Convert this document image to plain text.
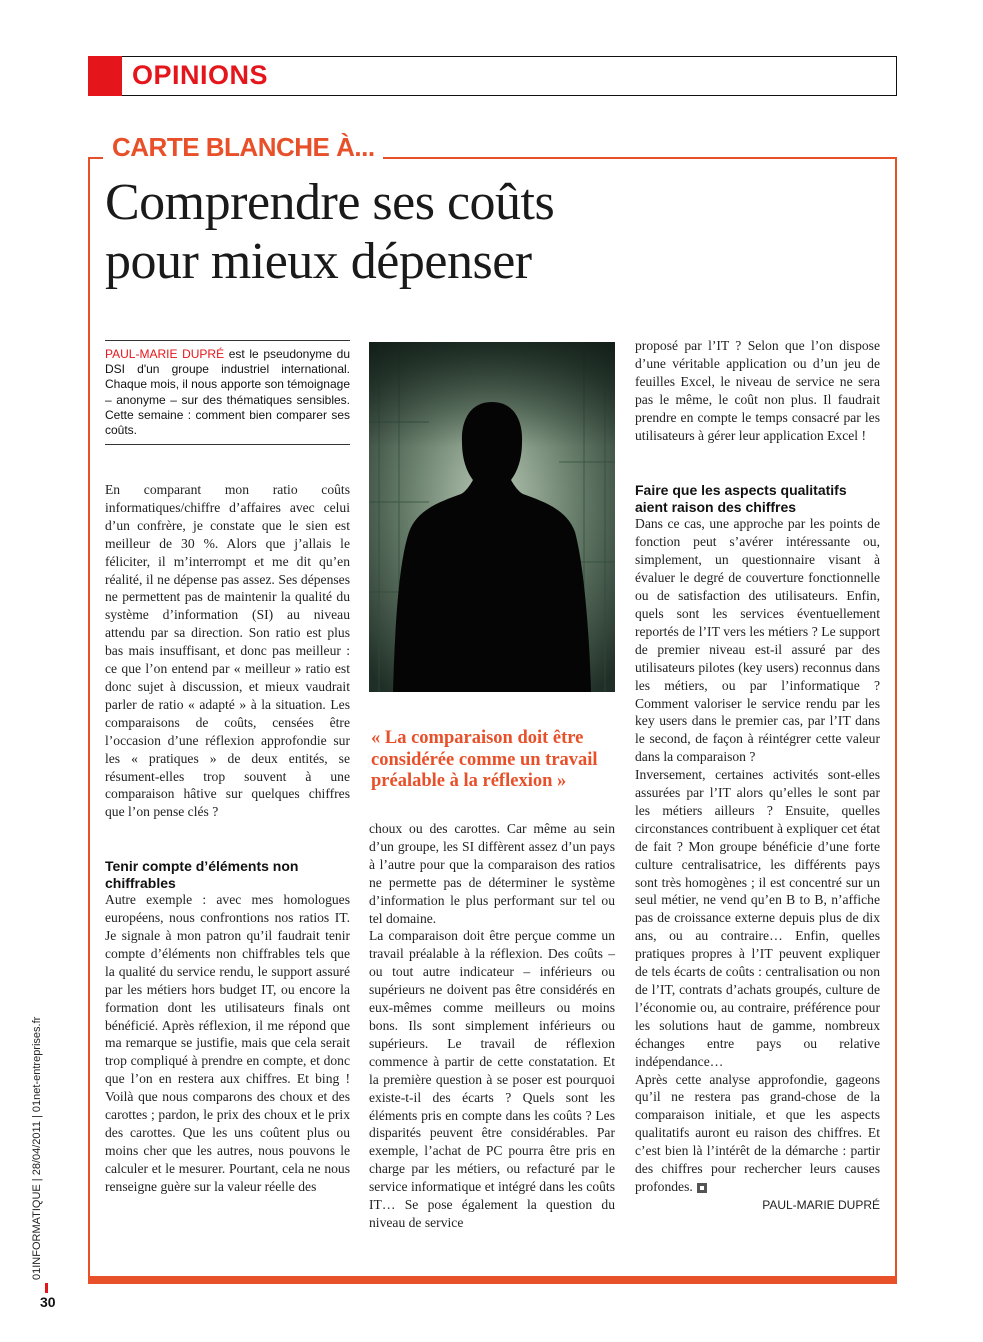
OPINIONS
CARTE BLANCHE À...
Comprendre ses coûts
pour mieux dépenser
PAUL-MARIE DUPRÉ est le pseudonyme du DSI d'un groupe industriel international. Chaque mois, il nous apporte son témoignage – anonyme – sur des thématiques sensibles. Cette semaine : comment bien comparer ses coûts.

En comparant mon ratio coûts informatiques/chiffre d’affaires avec celui d’un confrère, je constate que le sien est meilleur de 30 %. Alors que j’allais le féliciter, il m’interrompt et me dit qu’en réalité, il ne dépense pas assez. Ses dépenses ne permettent pas de maintenir la qualité du système d’information (SI) au niveau attendu par sa direction. Son ratio est plus bas mais insuffisant, et donc pas meilleur : ce que l’on entend par « meilleur » ratio est donc sujet à discussion, et mieux vaudrait parler de ratio « adapté » à la situation. Les comparaisons de coûts, censées être l’occasion d’une réflexion approfondie sur les « pratiques » de deux entités, se résument-elles trop souvent à une comparaison hâtive sur quelques chiffres que l’on pense clés ?

Tenir compte d’éléments non chiffrables

Autre exemple : avec mes homologues européens, nous confrontions nos ratios IT. Je signale à mon patron qu’il faudrait tenir compte d’éléments non chiffrables tels que la qualité du service rendu, le support assuré par les métiers hors budget IT, ou encore la formation dont les utilisateurs finals ont bénéficié. Après réflexion, il me répond que ma remarque se justifie, mais que cela serait trop compliqué à prendre en compte, et donc que l’on en restera aux chiffres. Et bing ! Voilà que nous comparons des choux et des carottes ; pardon, le prix des choux et le prix des carottes. Que les uns coûtent plus ou moins cher que les autres, nous pouvons le calculer et le mesurer. Pourtant, cela ne nous renseigne guère sur la valeur réelle des

« La comparaison doit être considérée comme un travail préalable à la réflexion »

choux ou des carottes. Car même au sein d’un groupe, les SI diffèrent assez d’un pays à l’autre pour que la comparaison des ratios ne permette pas de déterminer le système d’information le plus performant sur tel ou tel domaine.

La comparaison doit être perçue comme un travail préalable à la réflexion. Des coûts – ou tout autre indicateur – inférieurs ou supérieurs ne doivent pas être considérés en eux-mêmes comme meilleurs ou moins bons. Ils sont simplement inférieurs ou supérieurs. Le travail de réflexion commence à partir de cette constatation. Et la première question à se poser est pourquoi existe-t-il des écarts ? Quels sont les éléments pris en compte dans les coûts ? Les disparités peuvent être considérables. Par exemple, l’achat de PC pourra être pris en charge par les métiers, ou refacturé par le service informatique et intégré dans les coûts IT… Se pose également la question du niveau de service

proposé par l’IT ? Selon que l’on dispose d’une véritable application ou d’un jeu de feuilles Excel, le niveau de service ne sera pas le même, le coût non plus. Il faudrait prendre en compte le temps consacré par les utilisateurs à gérer leur application Excel !

Faire que les aspects qualitatifs aient raison des chiffres

Dans ce cas, une approche par les points de fonction peut s’avérer intéressante ou, simplement, un questionnaire visant à évaluer le degré de couverture fonctionnelle ou de satisfaction des utilisateurs. Enfin, quels sont les services éventuellement reportés de l’IT vers les métiers ? Le support de premier niveau est-il assuré par des utilisateurs pilotes (key users) reconnus dans les métiers, ou par l’informatique ? Comment valoriser le service rendu par les key users dans le premier cas, par l’IT dans le second, de façon à réintégrer cette valeur dans la comparaison ?

Inversement, certaines activités sont-elles assurées par l’IT alors qu’elles le sont par les métiers ailleurs ? Ensuite, quelles circonstances contribuent à expliquer cet état de fait ? Mon groupe bénéficie d’une forte culture centralisatrice, les différents pays sont très homogènes ; il est concentré sur un seul métier, ne vend qu’en B to B, n’affiche pas de croissance externe depuis plus de dix ans, ou au contraire… Enfin, quelles pratiques propres à l’IT peuvent expliquer de tels écarts de coûts : centralisation ou non de l’IT, contrats d’achats groupés, culture de l’économie ou, au contraire, préférence pour les solutions haut de gamme, nombreux échanges entre pays ou relative indépendance…

Après cette analyse approfondie, gageons qu’il ne restera pas grand-chose de la comparaison initiale, et que les aspects qualitatifs auront eu raison des chiffres. Et c’est bien là l’intérêt de la démarche : partir des chiffres pour rechercher leurs causes profondes.

PAUL-MARIE DUPRÉ
01INFORMATIQUE | 28/04/2011 | 01net-entreprises.fr
30
